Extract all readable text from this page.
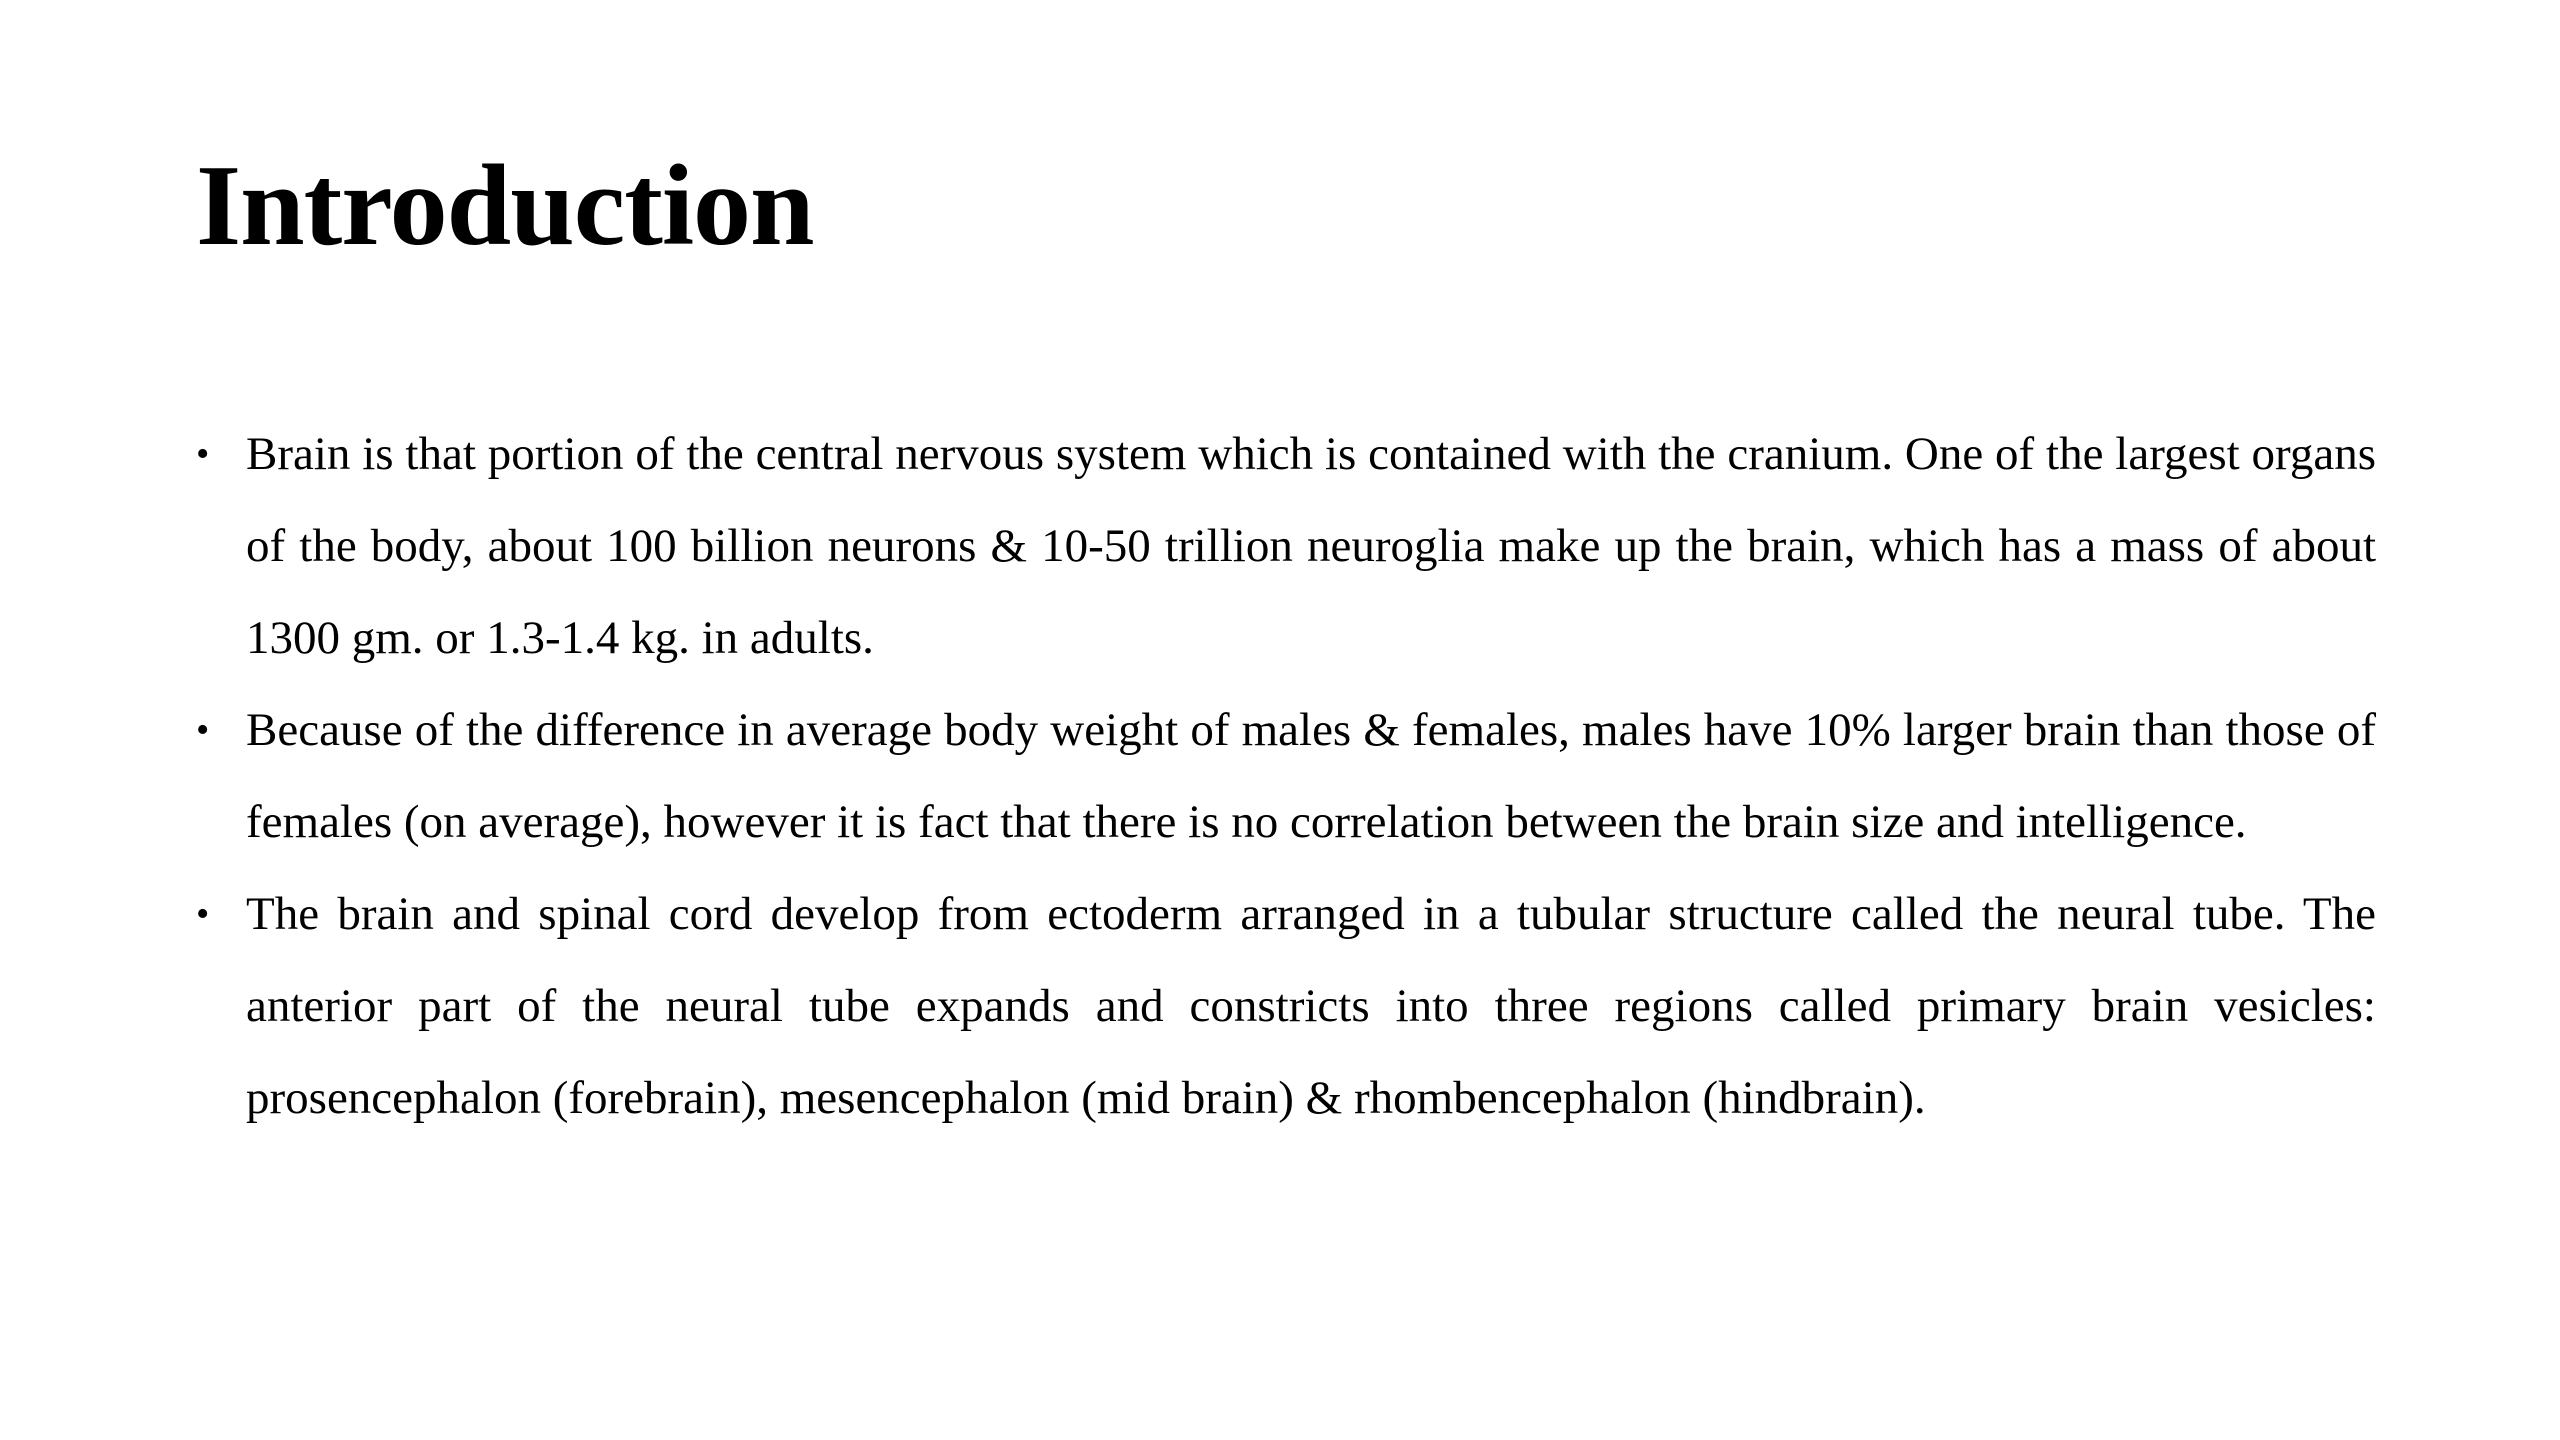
Introduction
• Brain is that portion of the central nervous system which is contained with the cranium. One of the largest organs of the body, about 100 billion neurons & 10-50 trillion neuroglia make up the brain, which has a mass of about 1300 gm. or 1.3-1.4 kg. in adults.
• Because of the difference in average body weight of males & females, males have 10% larger brain than those of females (on average), however it is fact that there is no correlation between the brain size and intelligence.
• The brain and spinal cord develop from ectoderm arranged in a tubular structure called the neural tube. The anterior part of the neural tube expands and constricts into three regions called primary brain vesicles: prosencephalon (forebrain), mesencephalon (mid brain) & rhombencephalon (hindbrain).
